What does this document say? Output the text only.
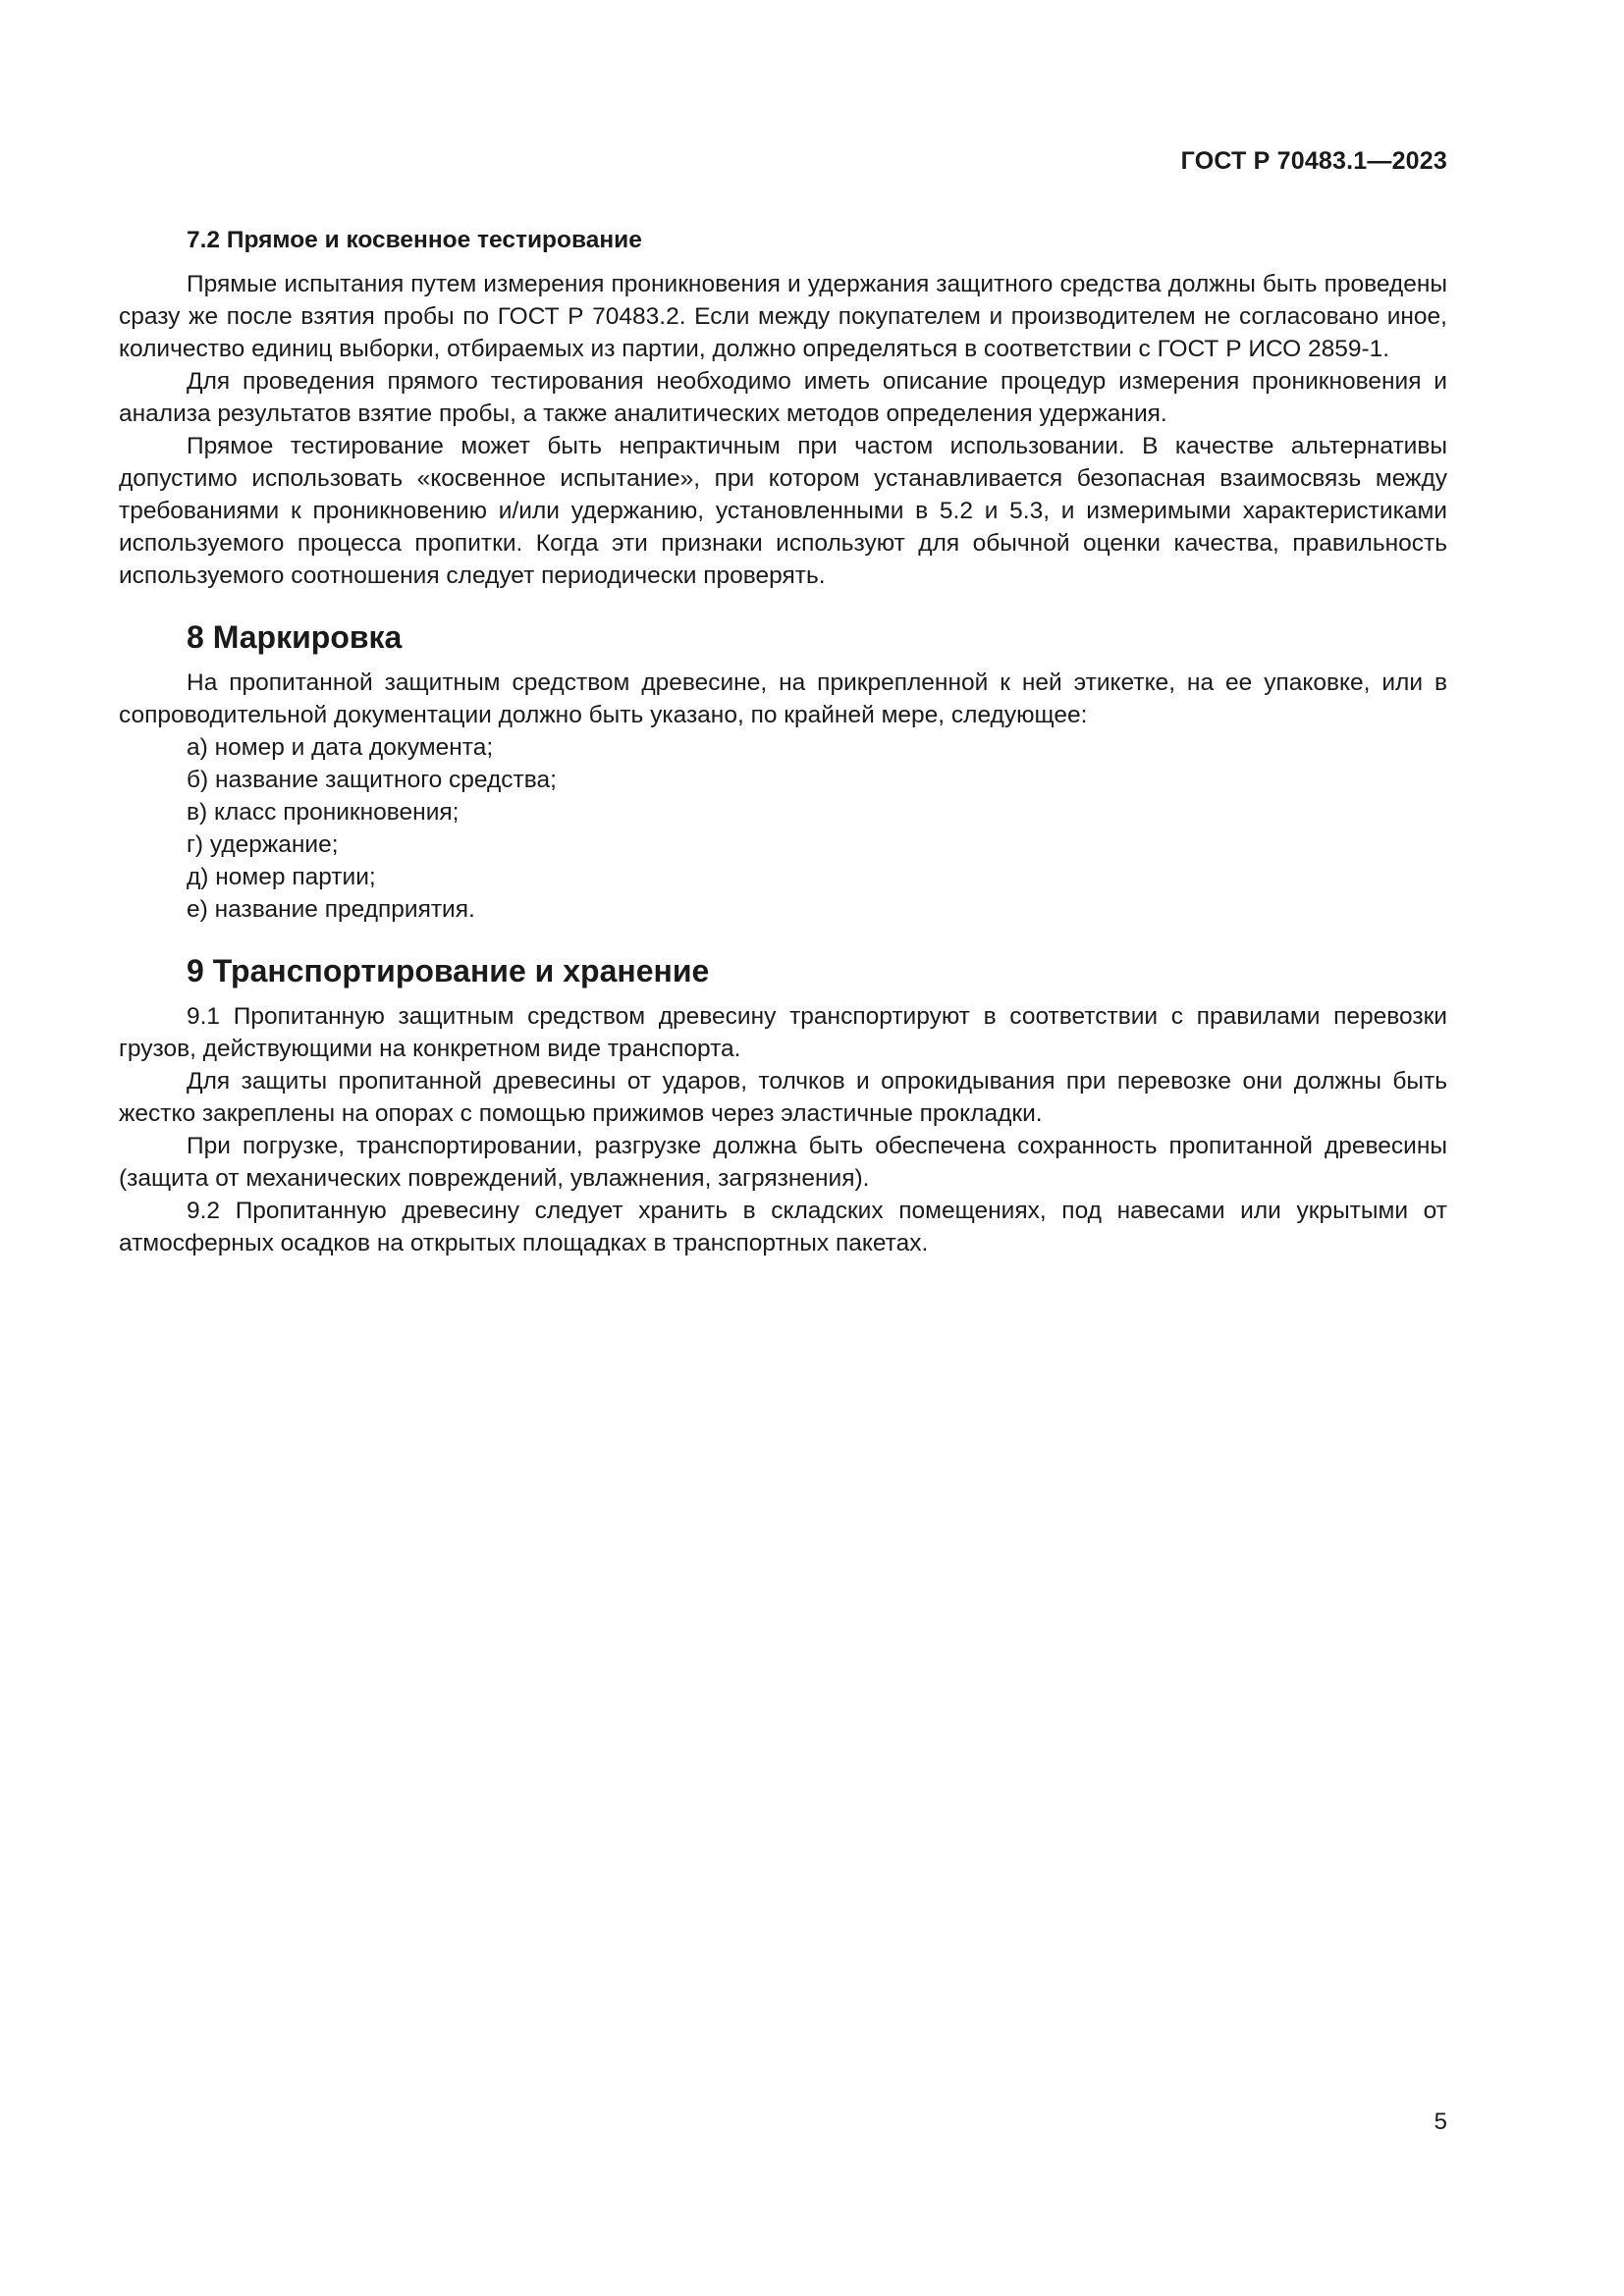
ГОСТ Р 70483.1—2023
7.2 Прямое и косвенное тестирование

Прямые испытания путем измерения проникновения и удержания защитного средства должны быть проведены сразу же после взятия пробы по ГОСТ Р 70483.2. Если между покупателем и производителем не согласовано иное, количество единиц выборки, отбираемых из партии, должно определяться в соответствии с ГОСТ Р ИСО 2859-1.

Для проведения прямого тестирования необходимо иметь описание процедур измерения проникновения и анализа результатов взятие пробы, а также аналитических методов определения удержания.

Прямое тестирование может быть непрактичным при частом использовании. В качестве альтернативы допустимо использовать «косвенное испытание», при котором устанавливается безопасная взаимосвязь между требованиями к проникновению и/или удержанию, установленными в 5.2 и 5.3, и измеримыми характеристиками используемого процесса пропитки. Когда эти признаки используют для обычной оценки качества, правильность используемого соотношения следует периодически проверять.

8 Маркировка

На пропитанной защитным средством древесине, на прикрепленной к ней этикетке, на ее упаковке, или в сопроводительной документации должно быть указано, по крайней мере, следующее:

а) номер и дата документа;
б) название защитного средства;
в) класс проникновения;
г) удержание;
д) номер партии;
е) название предприятия.
9 Транспортирование и хранение

9.1 Пропитанную защитным средством древесину транспортируют в соответствии с правилами перевозки грузов, действующими на конкретном виде транспорта.

Для защиты пропитанной древесины от ударов, толчков и опрокидывания при перевозке они должны быть жестко закреплены на опорах с помощью прижимов через эластичные прокладки.

При погрузке, транспортировании, разгрузке должна быть обеспечена сохранность пропитанной древесины (защита от механических повреждений, увлажнения, загрязнения).

9.2 Пропитанную древесину следует хранить в складских помещениях, под навесами или укрытыми от атмосферных осадков на открытых площадках в транспортных пакетах.

5
